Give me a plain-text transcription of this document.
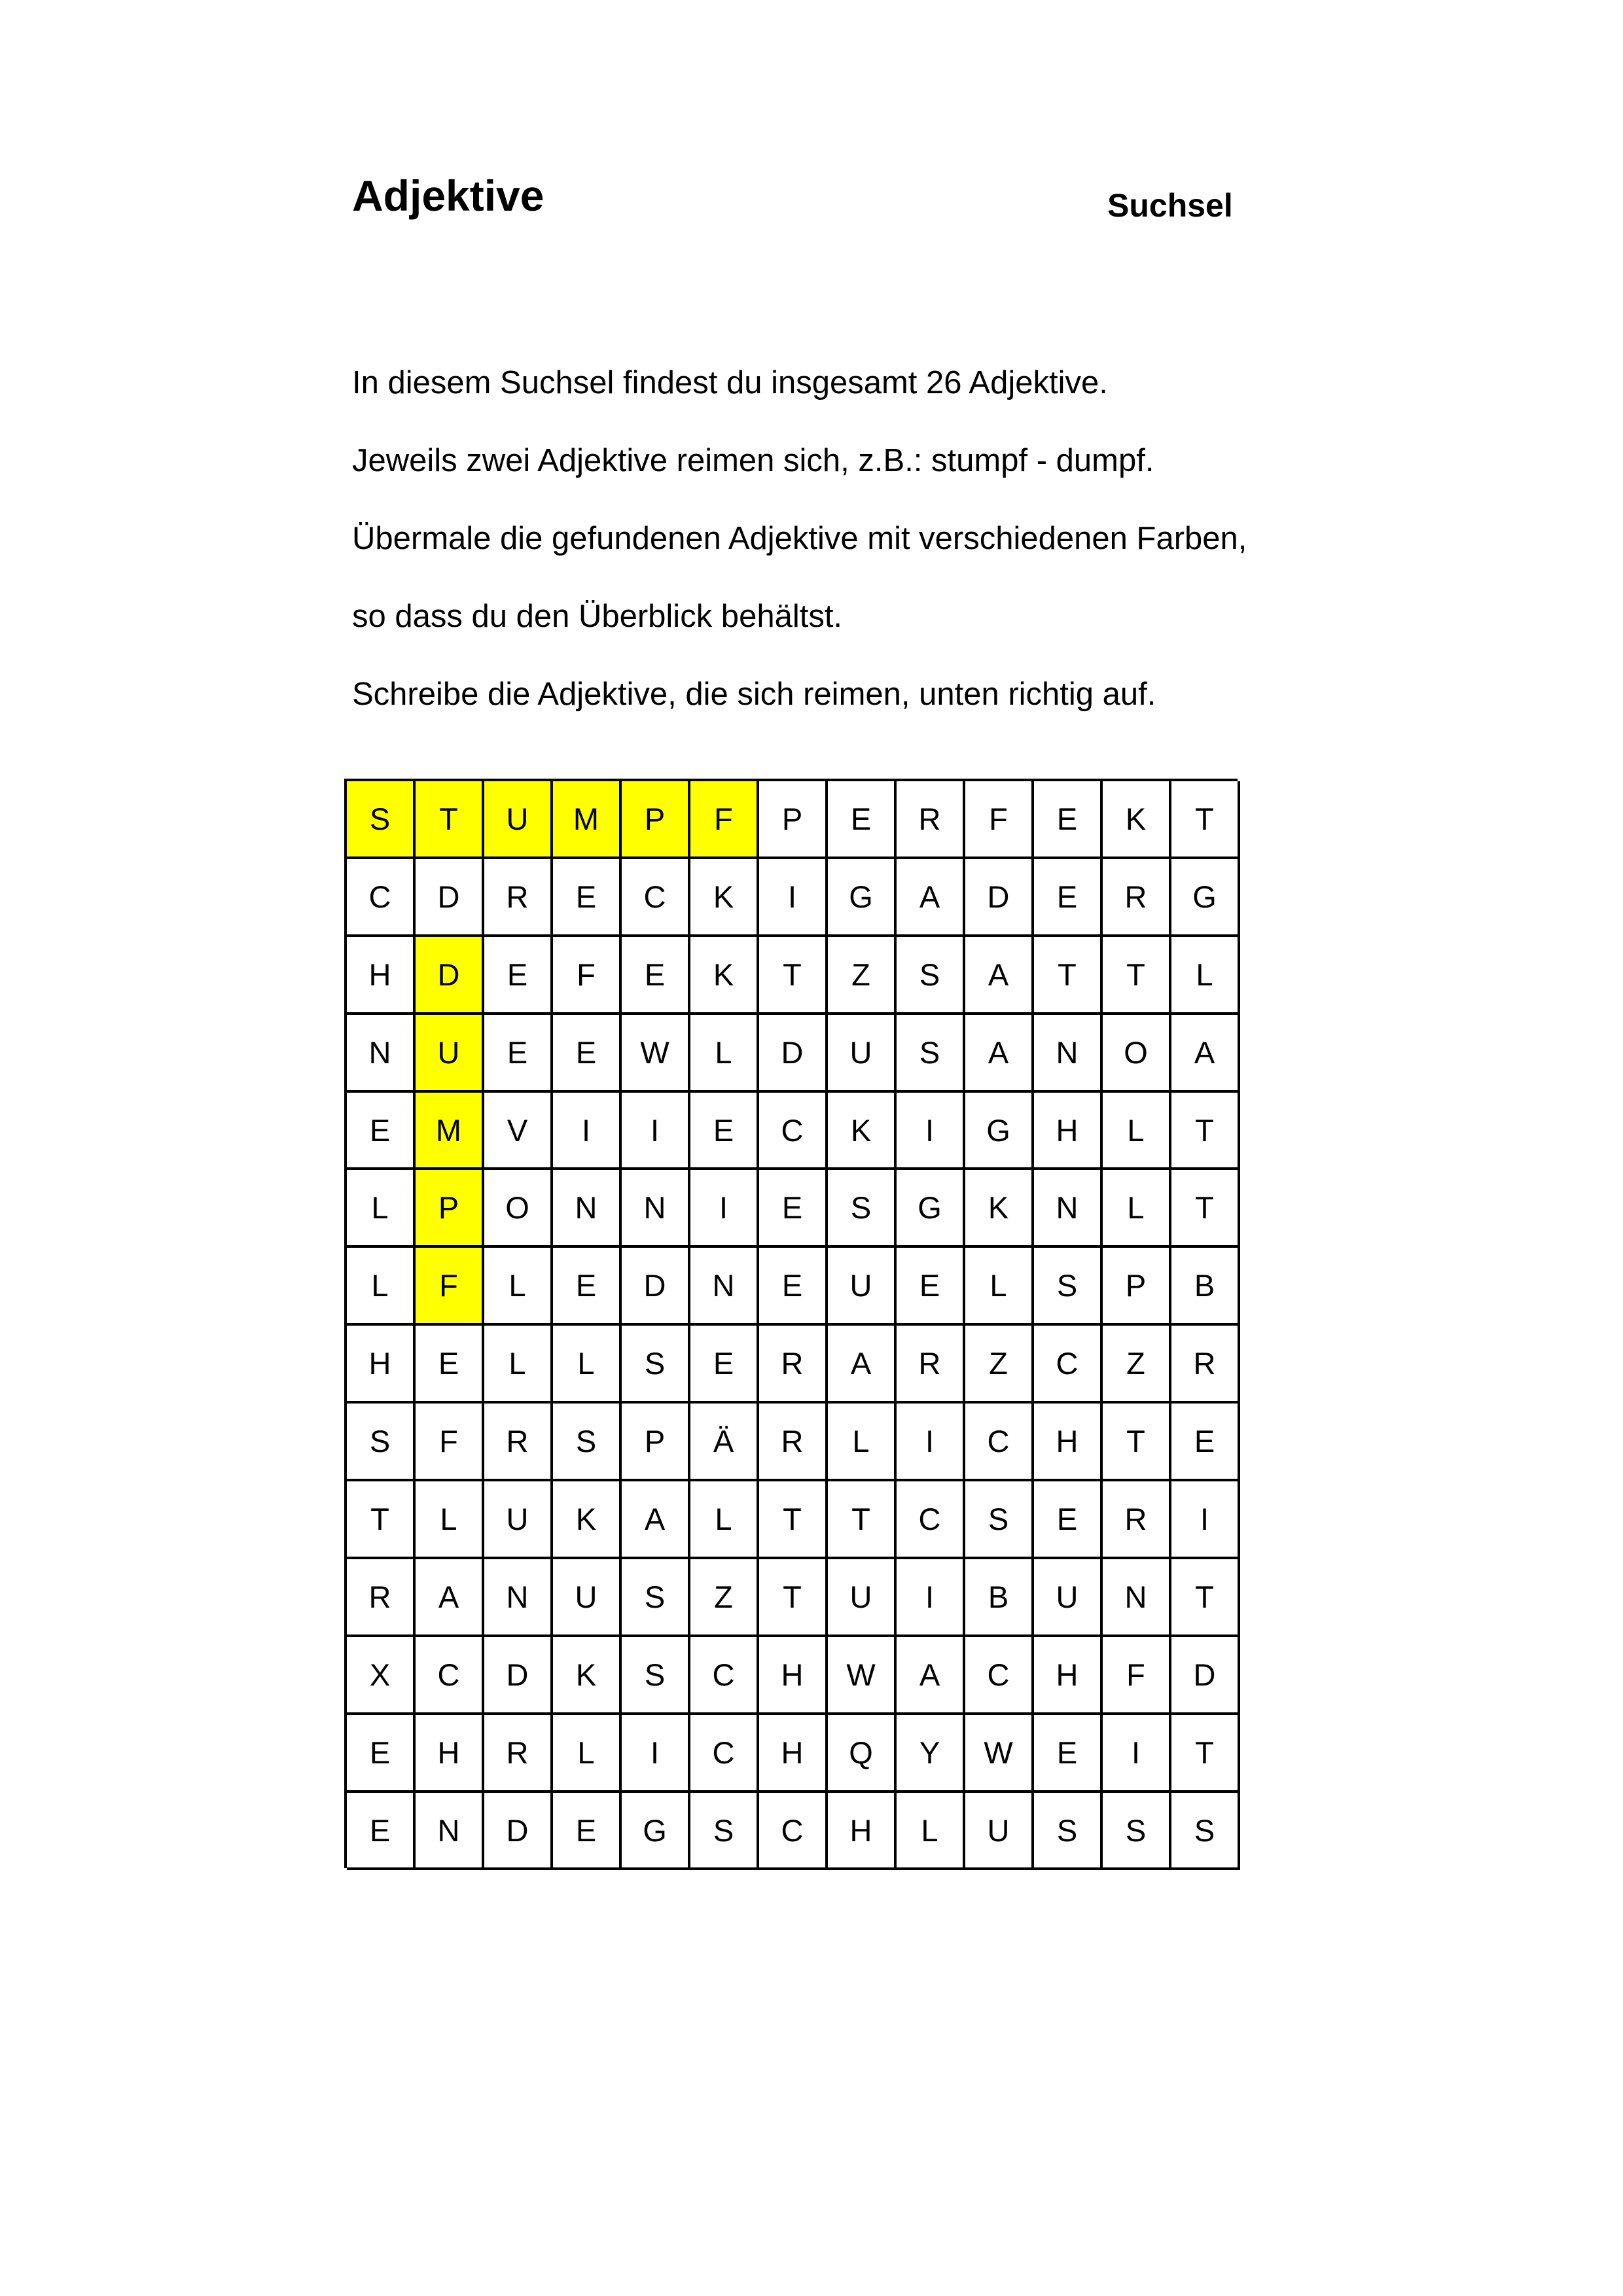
Adjektive	Suchsel
In diesem Suchsel findest du insgesamt 26 Adjektive.
Jeweils zwei Adjektive reimen sich, z.B.: stumpf - dumpf.
Übermale die gefundenen Adjektive mit verschiedenen Farben,
so dass du den Überblick behältst.
Schreibe die Adjektive, die sich reimen, unten richtig auf.
S	T	U	M	P	F	P	E	R	F	E	K	T
C	D	R	E	C	K	I	G	A	D	E	R	G
H	D	E	F	E	K	T	Z	S	A	T	T	L
N	U	E	E	W	L	D	U	S	A	N	O	A
E	M	V	I	I	E	C	K	I	G	H	L	T
L	P	O	N	N	I	E	S	G	K	N	L	T
L	F	L	E	D	N	E	U	E	L	S	P	B
H	E	L	L	S	E	R	A	R	Z	C	Z	R
S	F	R	S	P	Ä	R	L	I	C	H	T	E
T	L	U	K	A	L	T	T	C	S	E	R	I
R	A	N	U	S	Z	T	U	I	B	U	N	T
X	C	D	K	S	C	H	W	A	C	H	F	D
E	H	R	L	I	C	H	Q	Y	W	E	I	T
E	N	D	E	G	S	C	H	L	U	S	S	S
